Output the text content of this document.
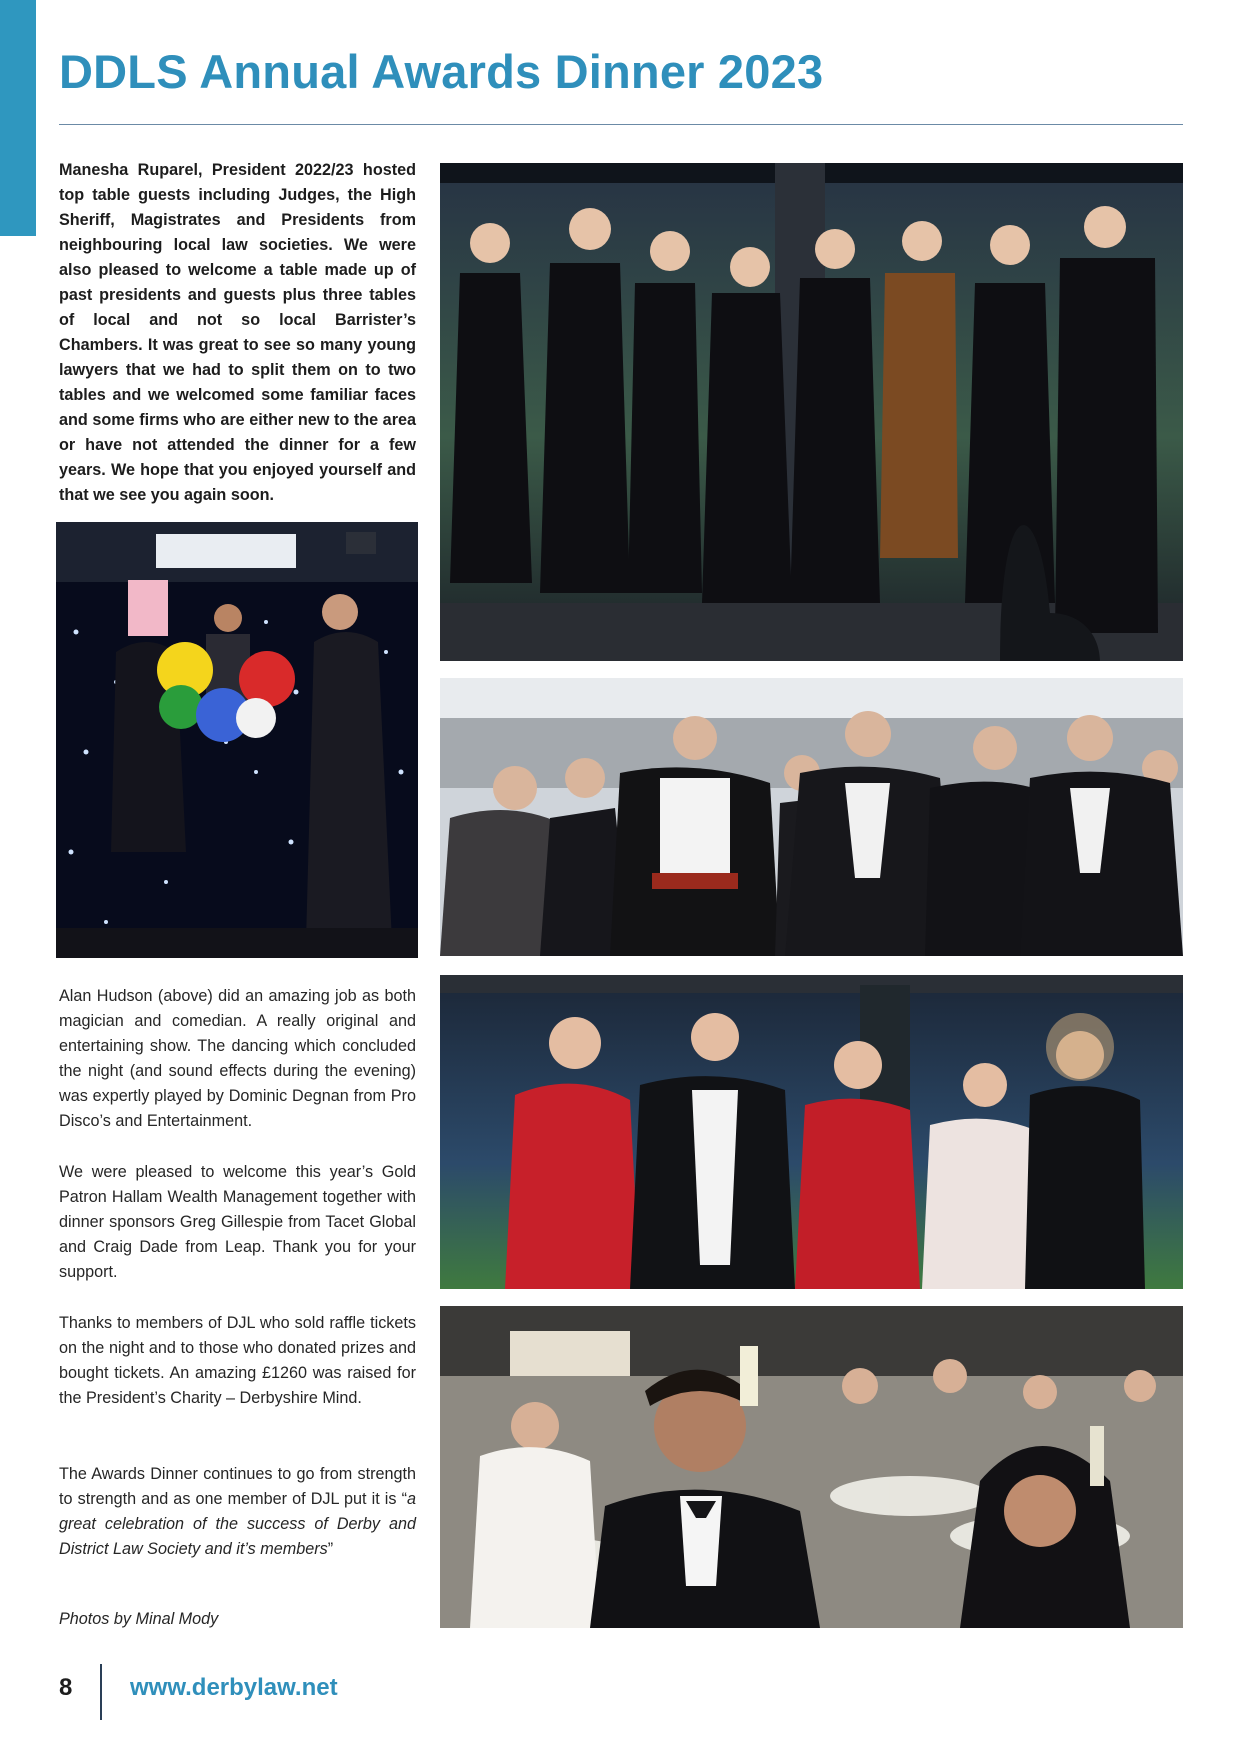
DDLS Annual Awards Dinner 2023

Manesha Ruparel, President 2022/23 hosted top table guests including Judges, the High Sheriff, Magistrates and Presidents from neighbouring local law societies. We were also pleased to welcome a table made up of past presidents and guests plus three tables of local and not so local Barrister’s Chambers. It was great to see so many young lawyers that we had to split them on to two tables and we welcomed some familiar faces and some firms who are either new to the area or have not attended the dinner for a few years. We hope that you enjoyed yourself and that we see you again soon.

Alan Hudson (above) did an amazing job as both magician and comedian. A really original and entertaining show. The dancing which concluded the night (and sound effects during the evening) was expertly played by Dominic Degnan from Pro Disco’s and Entertainment.

We were pleased to welcome this year’s Gold Patron Hallam Wealth Management together with dinner sponsors Greg Gillespie from Tacet Global and Craig Dade from Leap. Thank you for your support.

Thanks to members of DJL who sold raffle tickets on the night and to those who donated prizes and bought tickets. An amazing £1260 was raised for the President’s Charity – Derbyshire Mind.

The Awards Dinner continues to go from strength to strength and as one member of DJL put it is “a great celebration of the success of Derby and District Law Society and it’s members”

Photos by Minal Mody

8 www.derbylaw.net
